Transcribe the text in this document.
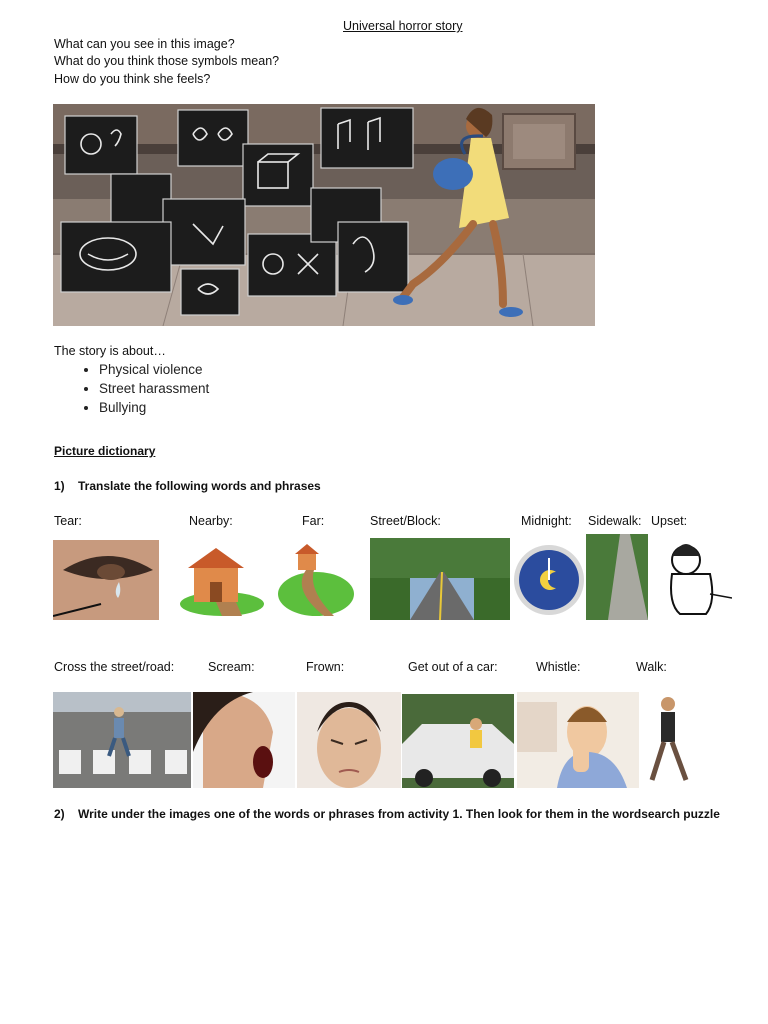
Universal horror story
What can you see in this image?
What do you think those symbols mean?
How do you think she feels?
The story is about…
• Physical violence
• Street harassment
• Bullying
Picture dictionary
1)    Translate the following words and phrases
Tear:	Nearby:	Far:	Street/Block:	Midnight: Sidewalk: Upset:
Cross the street/road:	Scream:	Frown:	Get out of a car:	Whistle:	Walk:
2)    Write under the images one of the words or phrases from activity 1. Then look for them in the wordsearch puzzle
